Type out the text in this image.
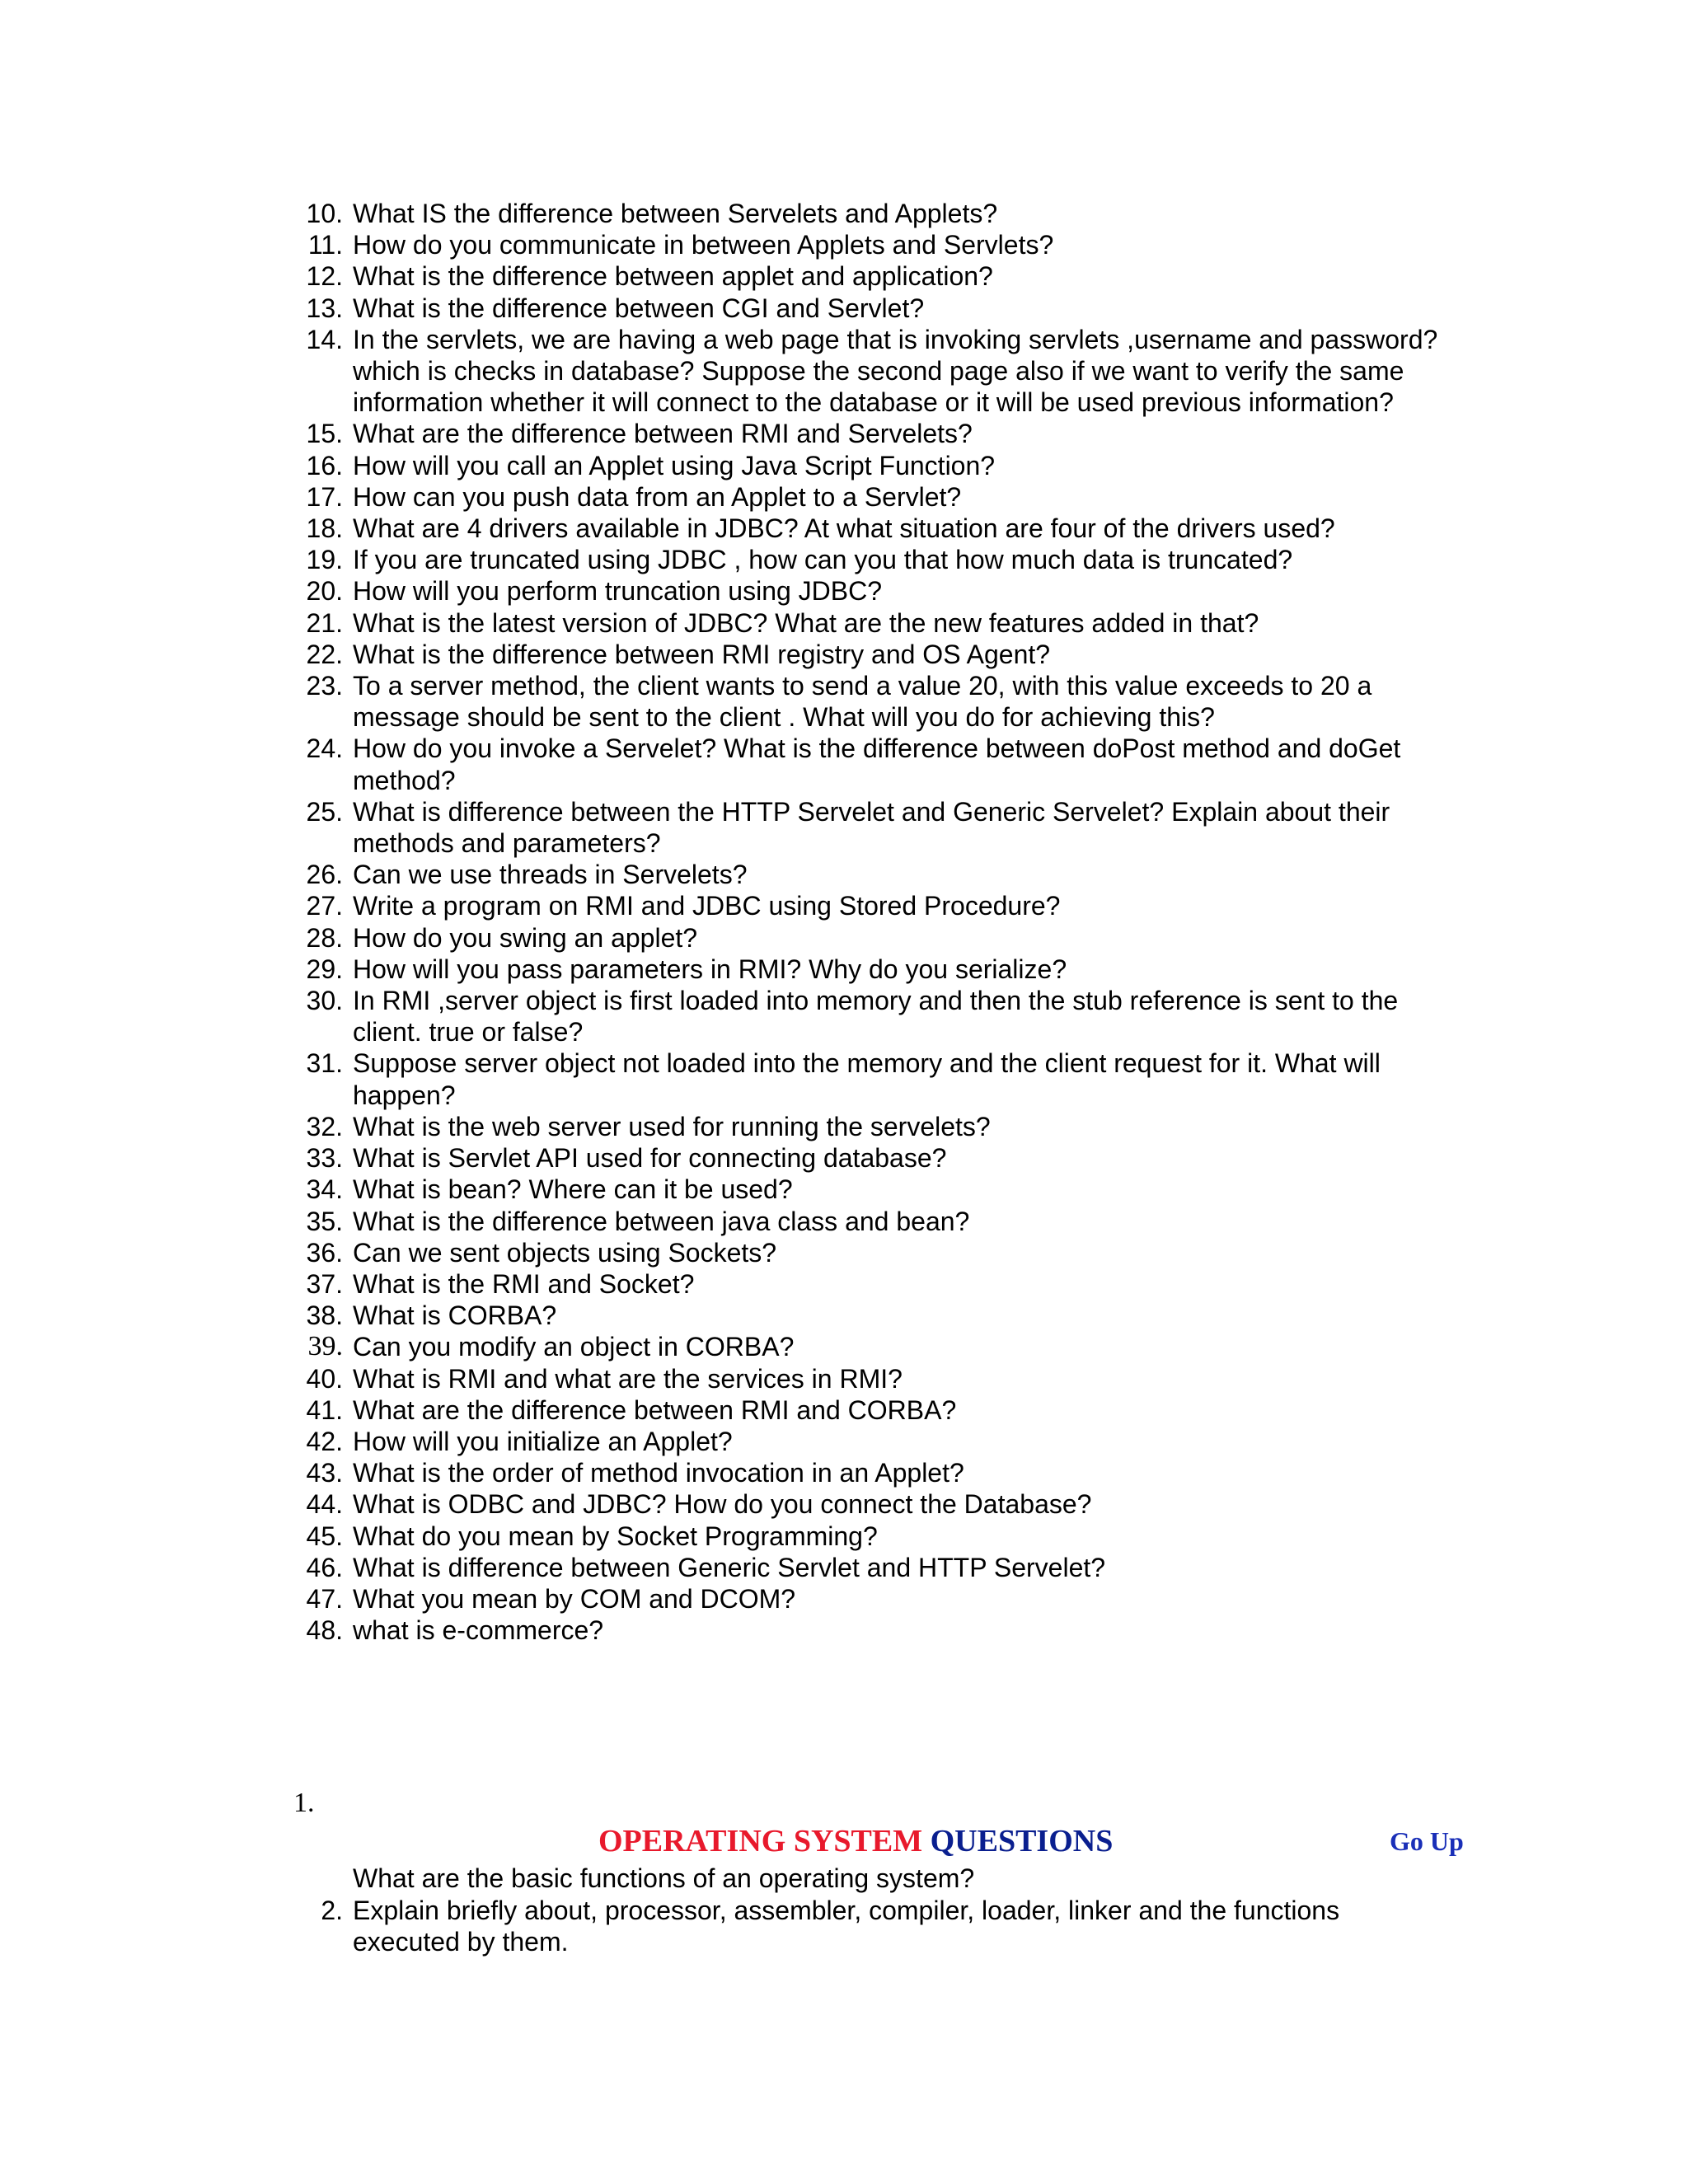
10. What IS the difference between Servelets and Applets?
11. How do you communicate in between Applets and Servlets?
12. What is the difference between applet and application?
13. What is the difference between CGI and Servlet?
14. In the servlets, we are having a web page that is invoking servlets ,username and password? which is checks in database? Suppose the second page also if we want to verify the same information whether it will connect to the database or it will be used previous information?
15. What are the difference between RMI and Servelets?
16. How will you call an Applet using Java Script Function?
17. How can you push data from an Applet to a Servlet?
18. What are 4 drivers available in JDBC? At what situation are four of the drivers used?
19. If you are truncated using JDBC , how can you that how much data is truncated?
20. How will you perform truncation using JDBC?
21. What is the latest version of JDBC? What are the new features added in that?
22. What is the difference between RMI registry and OS Agent?
23. To a server method, the client wants to send a value 20, with this value exceeds to 20 a message should be sent to the client . What will you do for achieving this?
24. How do you invoke a Servelet? What is the difference between doPost method and doGet method?
25. What is difference between the HTTP Servelet and Generic Servelet? Explain about their methods and parameters?
26. Can we use threads in Servelets?
27. Write a program on RMI and JDBC using Stored Procedure?
28. How do you swing an applet?
29. How will you pass parameters in RMI? Why do you serialize?
30. In RMI ,server object is first loaded into memory and then the stub reference is sent to the client. true or false?
31. Suppose server object not loaded into the memory and the client request for it. What will happen?
32. What is the web server used for running the servelets?
33. What is Servlet API used for connecting database?
34. What is bean? Where can it be used?
35. What is the difference between java class and bean?
36. Can we sent objects using Sockets?
37. What is the RMI and Socket?
38. What is CORBA?
39. Can you modify an object in CORBA?
40. What is RMI and what are the services in RMI?
41. What are the difference between RMI and CORBA?
42. How will you initialize an Applet?
43. What is the order of method invocation in an Applet?
44. What is ODBC and JDBC? How do you connect the Database?
45. What do you mean by Socket Programming?
46. What is difference between Generic Servlet and HTTP Servelet?
47. What you mean by COM and DCOM?
48. what is e-commerce?
1.
OPERATING SYSTEM QUESTIONS	Go Up
What are the basic functions of an operating system?
2. Explain briefly about, processor, assembler, compiler, loader, linker and the functions executed by them.
